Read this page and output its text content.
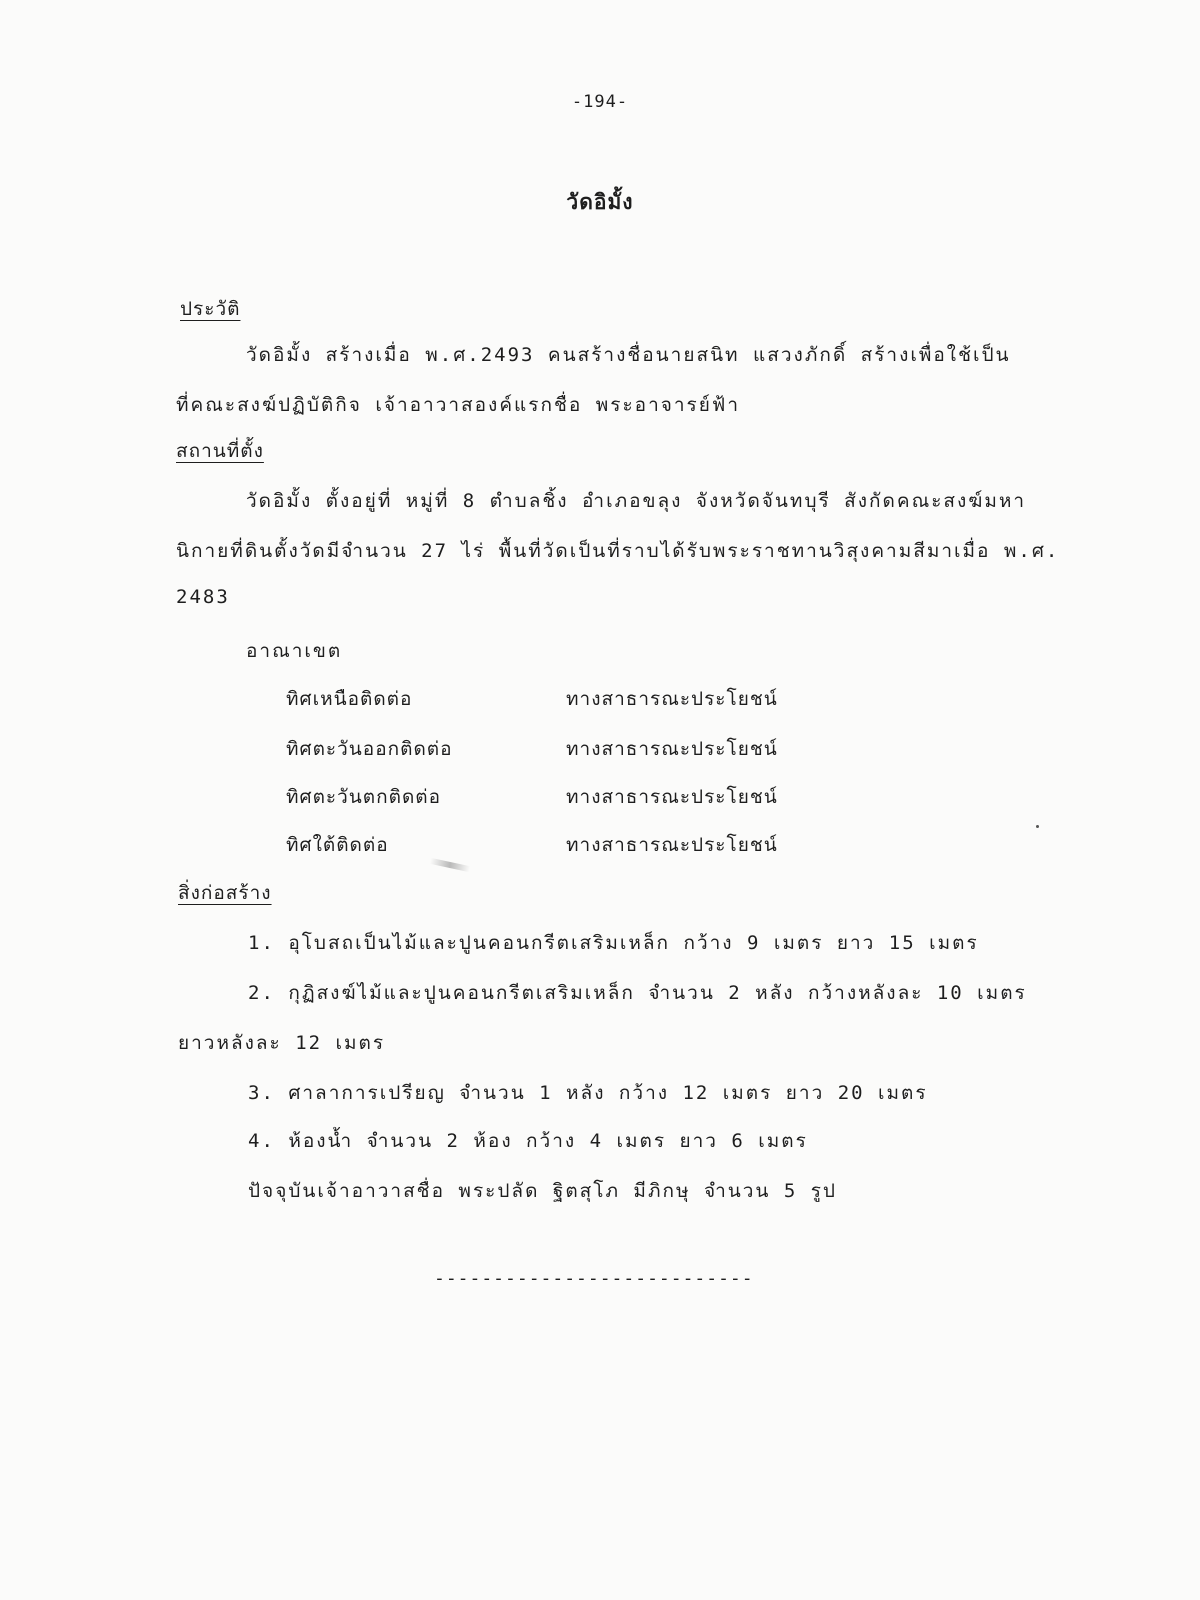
-194-
วัดอิมั้ง
ประวัติ
วัดอิมั้ง สร้างเมื่อ พ.ศ.2493 คนสร้างชื่อนายสนิท แสวงภักดิ์ สร้างเพื่อใช้เป็น
ที่คณะสงฆ์ปฏิบัติกิจ เจ้าอาวาสองค์แรกชื่อ พระอาจารย์ฟ้า
สถานที่ตั้ง
วัดอิมั้ง ตั้งอยู่ที่ หมู่ที่ 8 ตำบลชิ้ง อำเภอขลุง จังหวัดจันทบุรี สังกัดคณะสงฆ์มหา
นิกายที่ดินตั้งวัดมีจำนวน 27 ไร่ พื้นที่วัดเป็นที่ราบได้รับพระราชทานวิสุงคามสีมาเมื่อ พ.ศ.
2483
อาณาเขต
ทิศเหนือติดต่อ	ทางสาธารณะประโยชน์
ทิศตะวันออกติดต่อ	ทางสาธารณะประโยชน์
ทิศตะวันตกติดต่อ	ทางสาธารณะประโยชน์
ทิศใต้ติดต่อ	ทางสาธารณะประโยชน์
สิ่งก่อสร้าง
1. อุโบสถเป็นไม้และปูนคอนกรีตเสริมเหล็ก กว้าง 9 เมตร ยาว 15 เมตร
2. กุฏิสงฆ์ไม้และปูนคอนกรีตเสริมเหล็ก จำนวน 2 หลัง กว้างหลังละ 10 เมตร
ยาวหลังละ 12 เมตร
3. ศาลาการเปรียญ จำนวน 1 หลัง กว้าง 12 เมตร ยาว 20 เมตร
4. ห้องน้ำ จำนวน 2 ห้อง กว้าง 4 เมตร ยาว 6 เมตร
ปัจจุบันเจ้าอาวาสชื่อ พระปลัด ฐิตสุโภ มีภิกษุ จำนวน 5 รูป
---------------------------
